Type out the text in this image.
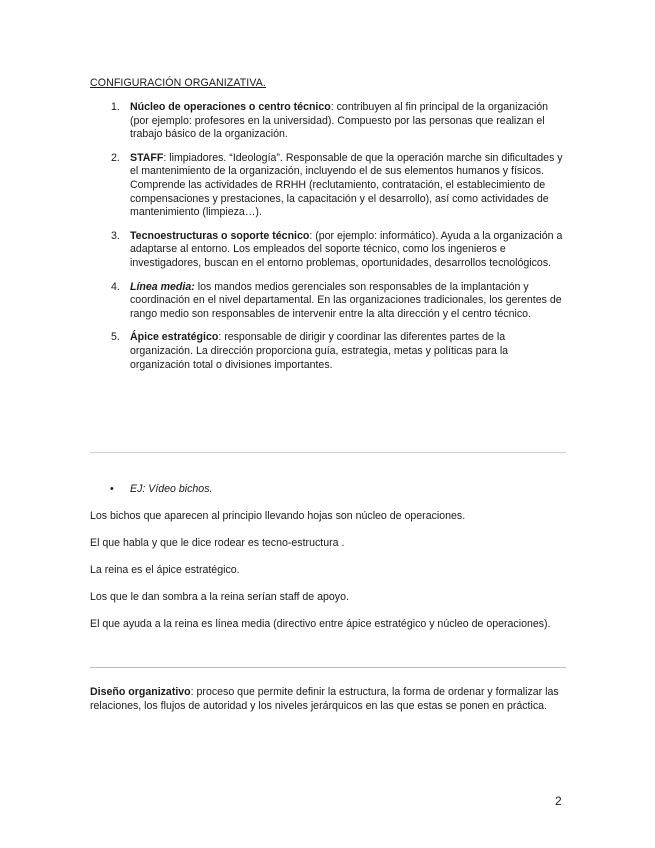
CONFIGURACIÓN ORGANIZATIVA.
1. Núcleo de operaciones o centro técnico: contribuyen al fin principal de la organización (por ejemplo: profesores en la universidad). Compuesto por las personas que realizan el trabajo básico de la organización.
2. STAFF: limpiadores. “Ideología”. Responsable de que la operación marche sin dificultades y el mantenimiento de la organización, incluyendo el de sus elementos humanos y físicos. Comprende las actividades de RRHH (reclutamiento, contratación, el establecimiento de compensaciones y prestaciones, la capacitación y el desarrollo), así como actividades de mantenimiento (limpieza…).
3. Tecnoestructuras o soporte técnico: (por ejemplo: informático). Ayuda a la organización a adaptarse al entorno. Los empleados del soporte técnico, como los ingenieros e investigadores, buscan en el entorno problemas, oportunidades, desarrollos tecnológicos.
4. Línea media: los mandos medios gerenciales son responsables de la implantación y coordinación en el nivel departamental. En las organizaciones tradicionales, los gerentes de rango medio son responsables de intervenir entre la alta dirección y el centro técnico.
5. Ápice estratégico: responsable de dirigir y coordinar las diferentes partes de la organización. La dirección proporciona guía, estrategia, metas y políticas para la organización total o divisiones importantes.
• EJ: Vídeo bichos.
Los bichos que aparecen al principio llevando hojas son núcleo de operaciones.
El que habla y que le dice rodear es tecno-estructura .
La reina es el ápice estratégico.
Los que le dan sombra a la reina serían staff de apoyo.
El que ayuda a la reina es línea media (directivo entre ápice estratégico y núcleo de operaciones).
Diseño organizativo: proceso que permite definir la estructura, la forma de ordenar y formalizar las relaciones, los flujos de autoridad y los niveles jerárquicos en las que estas se ponen en práctica.
2
